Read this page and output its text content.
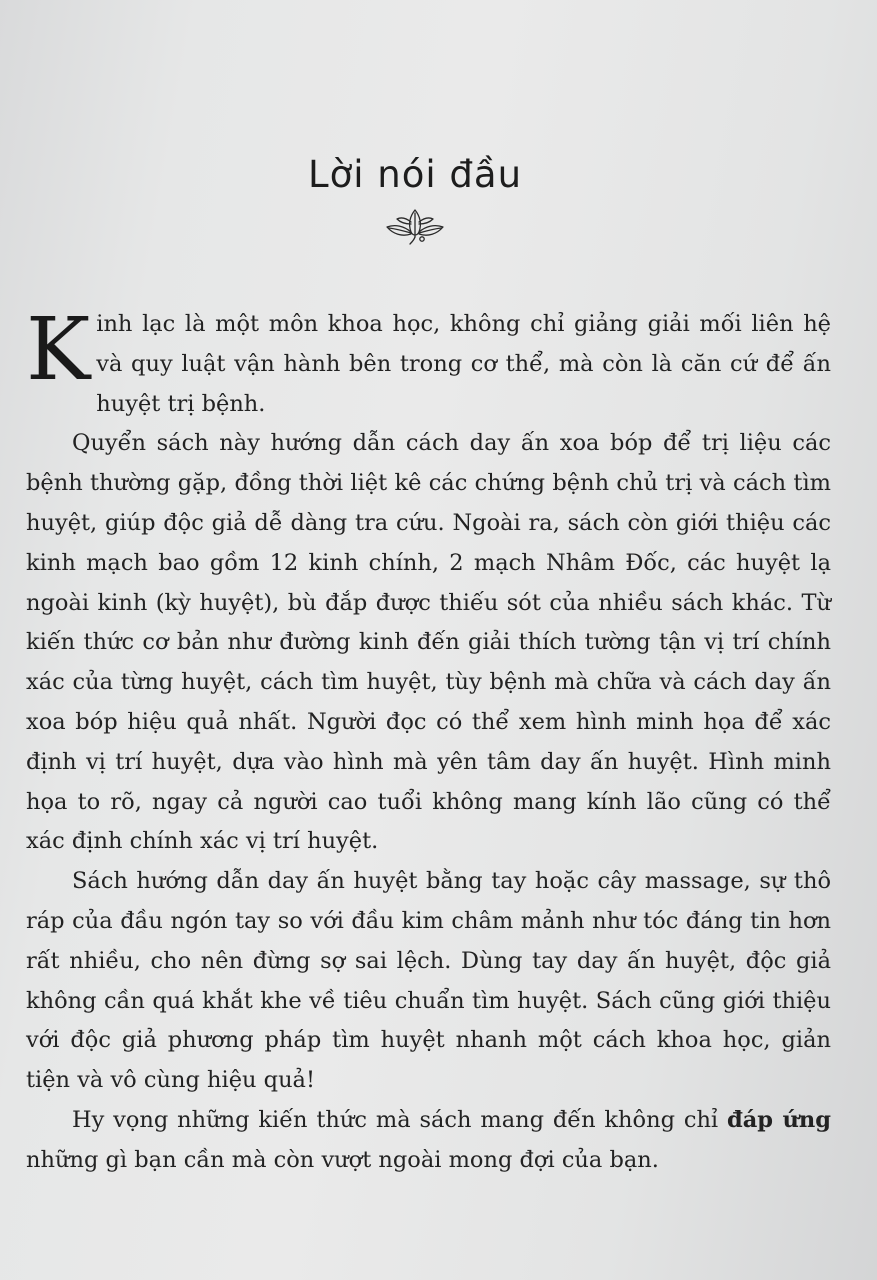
Lời nói đầu

Kinh lạc là một môn khoa học, không chỉ giảng giải mối liên hệ và quy luật vận hành bên trong cơ thể, mà còn là căn cứ để ấn huyệt trị bệnh.

Quyển sách này hướng dẫn cách day ấn xoa bóp để trị liệu các bệnh thường gặp, đồng thời liệt kê các chứng bệnh chủ trị và cách tìm huyệt, giúp độc giả dễ dàng tra cứu. Ngoài ra, sách còn giới thiệu các kinh mạch bao gồm 12 kinh chính, 2 mạch Nhâm Đốc, các huyệt lạ ngoài kinh (kỳ huyệt), bù đắp được thiếu sót của nhiều sách khác. Từ kiến thức cơ bản như đường kinh đến giải thích tường tận vị trí chính xác của từng huyệt, cách tìm huyệt, tùy bệnh mà chữa và cách day ấn xoa bóp hiệu quả nhất. Người đọc có thể xem hình minh họa để xác định vị trí huyệt, dựa vào hình mà yên tâm day ấn huyệt. Hình minh họa to rõ, ngay cả người cao tuổi không mang kính lão cũng có thể xác định chính xác vị trí huyệt.

Sách hướng dẫn day ấn huyệt bằng tay hoặc cây massage, sự thô ráp của đầu ngón tay so với đầu kim châm mảnh như tóc đáng tin hơn rất nhiều, cho nên đừng sợ sai lệch. Dùng tay day ấn huyệt, độc giả không cần quá khắt khe về tiêu chuẩn tìm huyệt. Sách cũng giới thiệu với độc giả phương pháp tìm huyệt nhanh một cách khoa học, giản tiện và vô cùng hiệu quả!

Hy vọng những kiến thức mà sách mang đến không chỉ đáp ứng những gì bạn cần mà còn vượt ngoài mong đợi của bạn.
